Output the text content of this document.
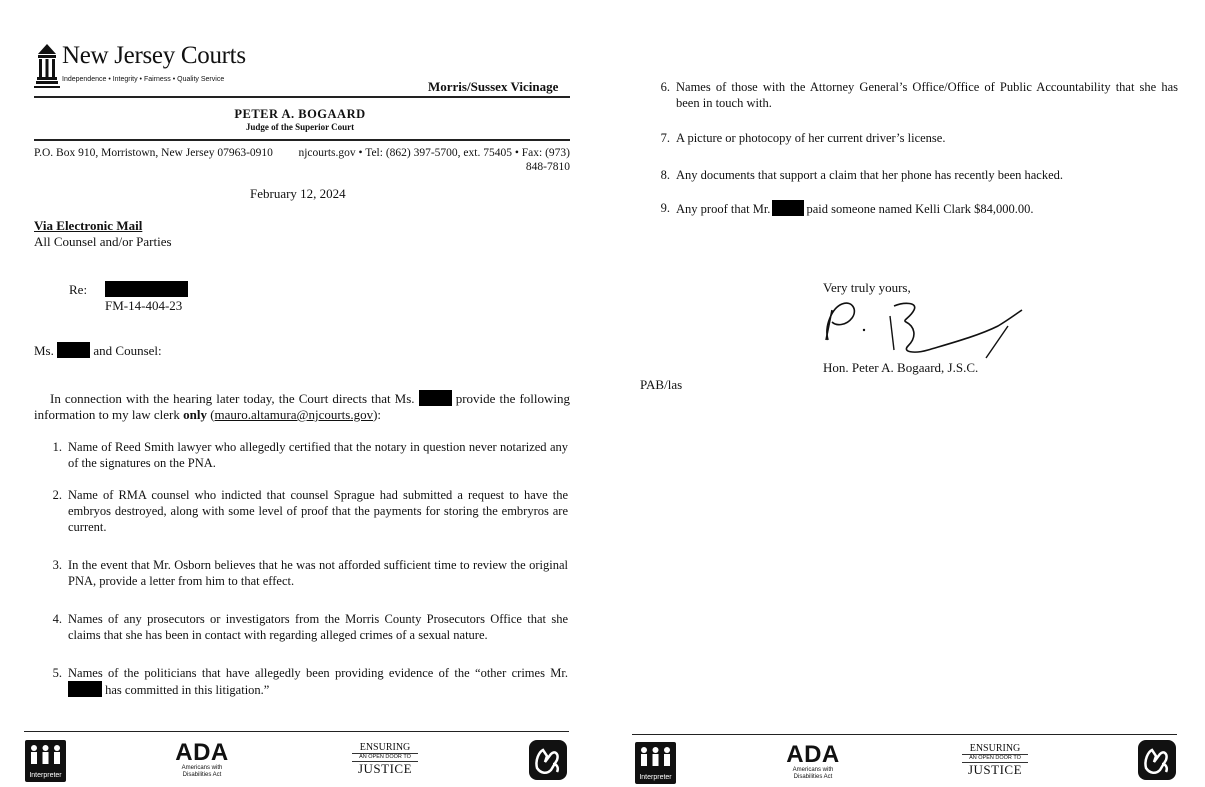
New Jersey Courts
Independence • Integrity • Fairness • Quality Service	Morris/Sussex Vicinage
PETER A. BOGAARD
Judge of the Superior Court
P.O. Box 910, Morristown, New Jersey 07963-0910	njcourts.gov • Tel: (862) 397-5700, ext. 75405 • Fax: (973) 848-7810
February 12, 2024
Via Electronic Mail
All Counsel and/or Parties
Re:
FM-14-404-23
Ms.	and Counsel:
In connection with the hearing later today, the Court directs that Ms.	provide the following information to my law clerk only (mauro.altamura@njcourts.gov):
1. Name of Reed Smith lawyer who allegedly certified that the notary in question never notarized any of the signatures on the PNA.
2. Name of RMA counsel who indicted that counsel Sprague had submitted a request to have the embryos destroyed, along with some level of proof that the payments for storing the embryros are current.
3. In the event that Mr. Osborn believes that he was not afforded sufficient time to review the original PNA, provide a letter from him to that effect.
4. Names of any prosecutors or investigators from the Morris County Prosecutors Office that she claims that she has been in contact with regarding alleged crimes of a sexual nature.
5. Names of the politicians that have allegedly been providing evidence of the “other crimes Mr.  has committed in this litigation.”
Interpreter
ADA
Americans with
Disabilities Act
ENSURING
AN OPEN DOOR TO
JUSTICE
6. Names of those with the Attorney General’s Office/Office of Public Accountability that she has been in touch with.
7. A picture or photocopy of her current driver’s license.
8. Any documents that support a claim that her phone has recently been hacked.
9. Any proof that Mr.	paid someone named Kelli Clark $84,000.00.
Very truly yours,
Hon. Peter A. Bogaard, J.S.C.
PAB/las
Interpreter
ADA
Americans with
Disabilities Act
ENSURING
AN OPEN DOOR TO
JUSTICE
